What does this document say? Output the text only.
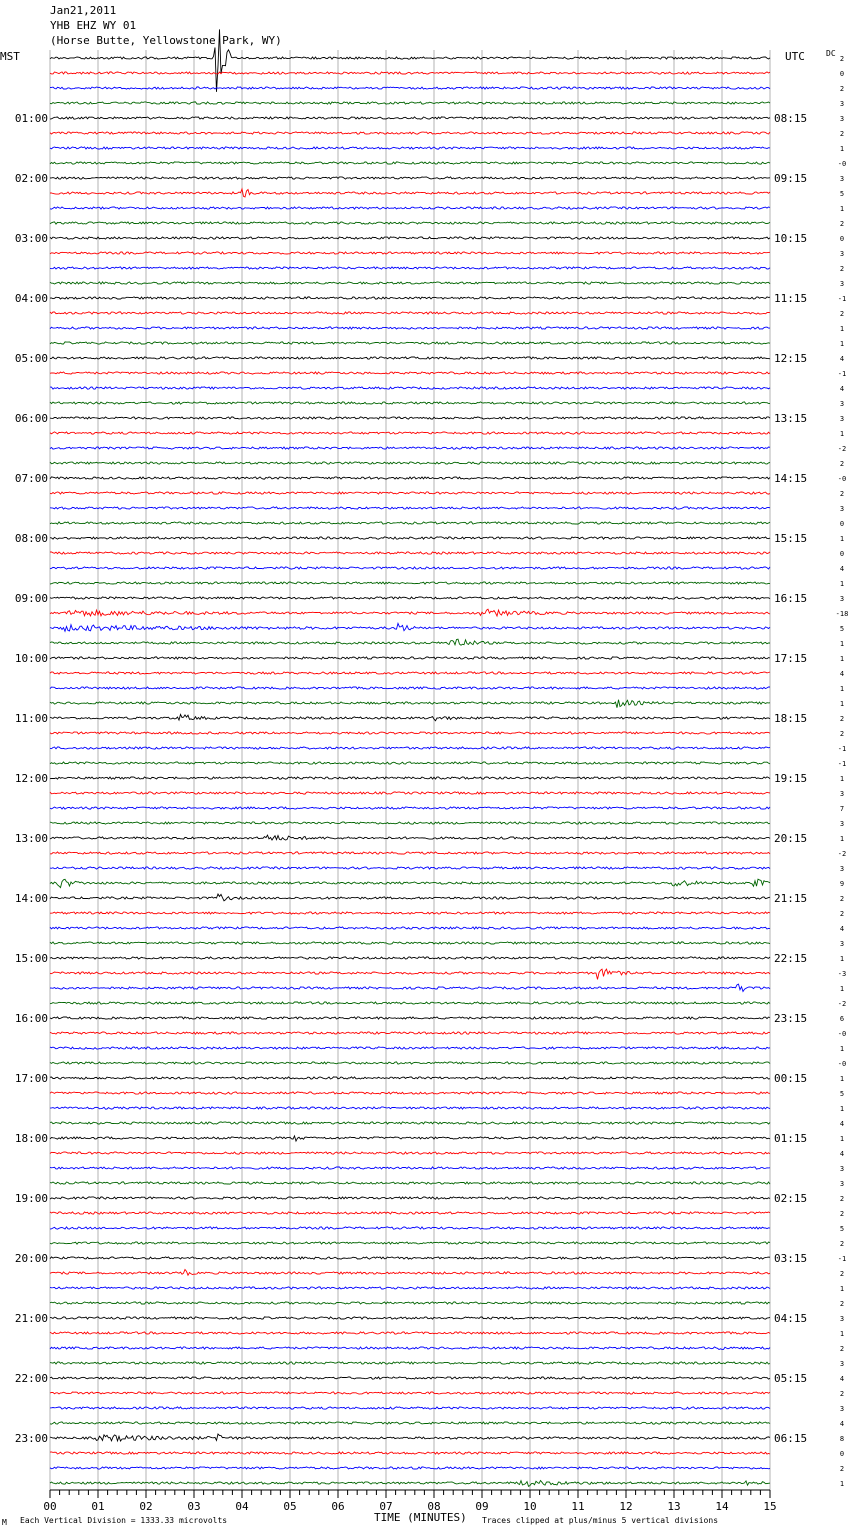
Jan21,2011
YHB EHZ WY 01
(Horse Butte, Yellowstone Park, WY)
MST	UTC	DC
2
0
2
3
3
01:00	08:15
2
1
-0
3
02:00	09:15
5
1
2
0
03:00	10:15
3
2
3
-1
04:00	11:15
2
1
1
4
05:00	12:15
-1
4
3
3
06:00	13:15
1
-2
2
-0
07:00	14:15
2
3
0
1
08:00	15:15
0
4
1
3
09:00	16:15
-18
5
1
1
10:00	17:15
4
1
1
2
11:00	18:15
2
-1
-1
1
12:00	19:15
3
7
3
1
13:00	20:15
-2
3
9
2
14:00	21:15
2
4
3
1
15:00	22:15
-3
1
-2
6
16:00	23:15
-0
1
-0
1
17:00	00:15
5
1
4
1
18:00	01:15
4
3
3
2
19:00	02:15
2
5
2
-1
20:00	03:15
2
1
2
3
21:00	04:15
1
2
3
4
22:00	05:15
2
3
4
8
23:00	06:15
0
2
1
00	01	02	03	04	05	06	07	08	09	10	11	12	13	14	15
M Each Vertical Division = 1333.33 microvolts	TIME (MINUTES) Traces clipped at plus/minus 5 vertical divisions
